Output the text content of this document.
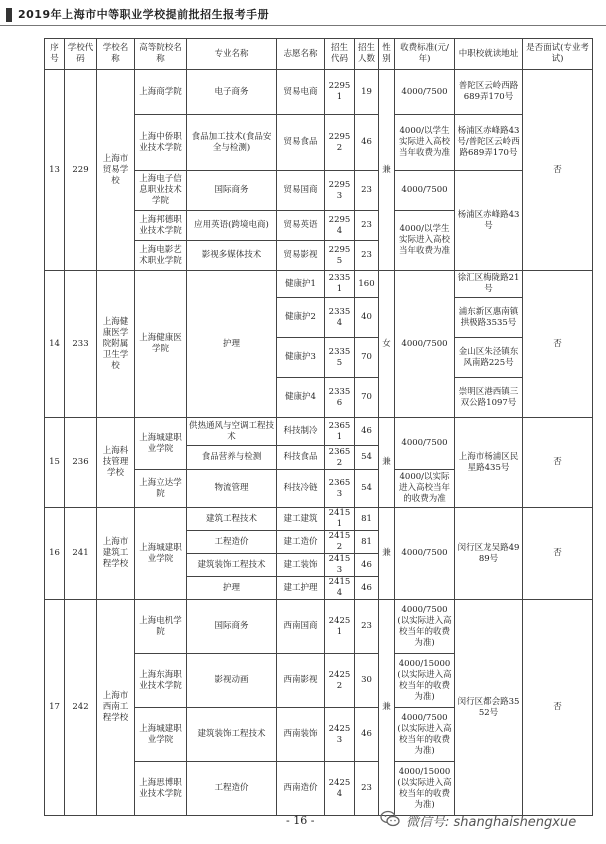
2019年上海市中等职业学校提前批招生报考手册
序号	学校代码	学校名称	高等院校名称	专业名称	志愿名称	招生代码	招生人数	性别	收费标准(元/年)	中职校就读地址	是否面试(专业考试)
13	229	上海市贸易学校	上海商学院	电子商务	贸易电商	22951	19	兼	4000/7500	普陀区云岭西路689弄170号	否
			上海中侨职业技术学院	食品加工技术(食品安全与检测)	贸易食品	22952	46		4000/以学生实际进入高校当年收费为准	杨浦区赤峰路43号/普陀区云岭西路689弄170号	
			上海电子信息职业技术学院	国际商务	贸易国商	22953	23		4000/7500	杨浦区赤峰路43号	
			上海邦德职业技术学院	应用英语(跨境电商)	贸易英语	22954	23		4000/以学生实际进入高校当年收费为准		
			上海电影艺术职业学院	影视多媒体技术	贸易影视	22955	23				
14	233	上海健康医学院附属卫生学校	上海健康医学院	护理	健康护1	23351	160	女	4000/7500	徐汇区梅陇路21号	否
					健康护2	23354	40			浦东新区惠南镇拱极路3535号	
					健康护3	23355	70			金山区朱泾镇东风南路225号	
					健康护4	23356	70			崇明区港西镇三双公路1097号	
15	236	上海科技管理学校	上海城建职业学院	供热通风与空调工程技术	科技制冷	23651	46	兼	4000/7500	上海市杨浦区民星路435号	否
				食品营养与检测	科技食品	23652	54				
			上海立达学院	物流管理	科技冷链	23653	54		4000/以实际进入高校当年的收费为准		
16	241	上海市建筑工程学校	上海城建职业学院	建筑工程技术	建工建筑	24151	81	兼	4000/7500	闵行区龙吴路4989号	否
				工程造价	建工造价	24152	81				
				建筑装饰工程技术	建工装饰	24153	46				
				护理	建工护理	24154	46				
17	242	上海市西南工程学校	上海电机学院	国际商务	西南国商	24251	23	兼	4000/7500(以实际进入高校当年的收费为准)	闵行区都会路3552号	否
			上海东海职业技术学院	影视动画	西南影视	24252	30		4000/15000(以实际进入高校当年的收费为准)		
			上海城建职业学院	建筑装饰工程技术	西南装饰	24253	46		4000/7500(以实际进入高校当年的收费为准)		
			上海思博职业技术学院	工程造价	西南造价	24254	23		4000/15000(以实际进入高校当年的收费为准)		
- 16 -	微信号: shanghaishengxue
